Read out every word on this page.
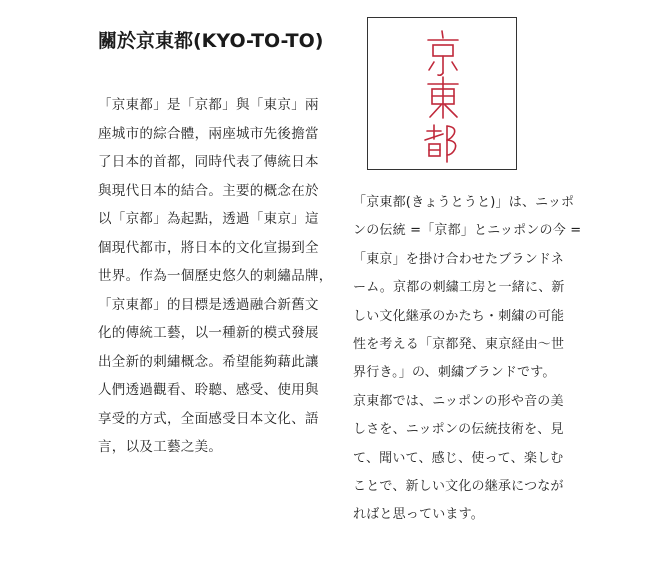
關於京東都(KYO-TO-TO)
「京東都」是「京都」與「東京」兩
座城市的綜合體，兩座城市先後擔當
了日本的首都，同時代表了傳統日本
與現代日本的結合。主要的概念在於
以「京都」為起點，透過「東京」這
個現代都市，將日本的文化宣揚到全
世界。作為一個歷史悠久的刺繡品牌，
「京東都」的目標是透過融合新舊文
化的傳統工藝，以一種新的模式發展
出全新的刺繡概念。希望能夠藉此讓
人們透過觀看、聆聽、感受、使用與
享受的方式，全面感受日本文化、語
言，以及工藝之美。
「京東都(きょうとうと)」は、ニッポ
ンの伝統 =「京都」とニッポンの今 =
「東京」を掛け合わせたブランドネ
ーム。京都の刺繍工房と一緒に、新
しい文化継承のかたち・刺繍の可能
性を考える「京都発、東京経由～世
界行き。」の、刺繍ブランドです。
京東都では、ニッポンの形や音の美
しさを、ニッポンの伝統技術を、見
て、聞いて、感じ、使って、楽しむ
ことで、新しい文化の継承につなが
ればと思っています。
